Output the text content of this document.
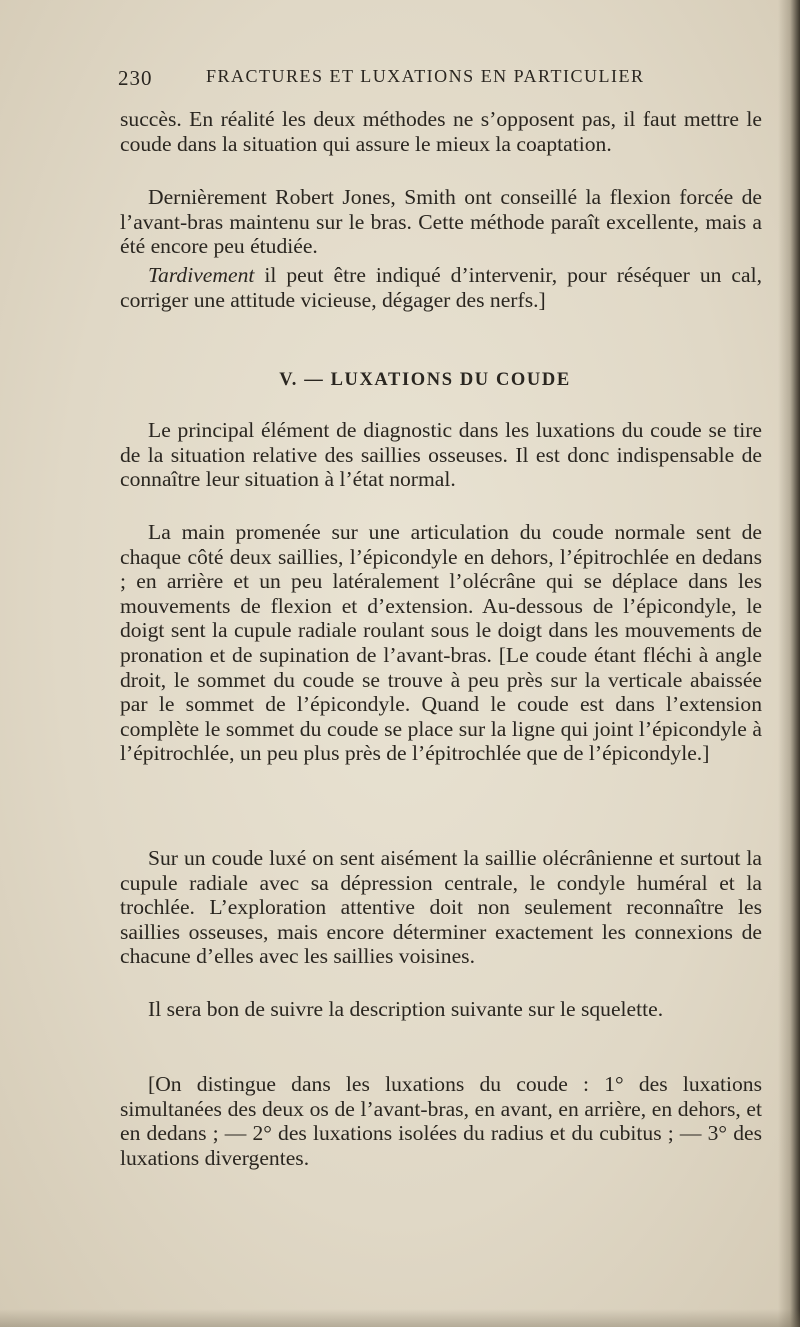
230	FRACTURES ET LUXATIONS EN PARTICULIER

succès. En réalité les deux méthodes ne s’opposent pas, il faut mettre le coude dans la situation qui assure le mieux la coaptation.

Dernièrement Robert Jones, Smith ont conseillé la flexion forcée de l’avant-bras maintenu sur le bras. Cette méthode paraît excellente, mais a été encore peu étudiée.

Tardivement il peut être indiqué d’intervenir, pour réséquer un cal, corriger une attitude vicieuse, dégager des nerfs.]

V. — LUXATIONS DU COUDE

Le principal élément de diagnostic dans les luxations du coude se tire de la situation relative des saillies osseuses. Il est donc indispensable de connaître leur situation à l’état normal.

La main promenée sur une articulation du coude normale sent de chaque côté deux saillies, l’épicondyle en dehors, l’épitrochlée en dedans ; en arrière et un peu latéralement l’olécrâne qui se déplace dans les mouvements de flexion et d’extension. Au-dessous de l’épicondyle, le doigt sent la cupule radiale roulant sous le doigt dans les mouvements de pronation et de supination de l’avant-bras. [Le coude étant fléchi à angle droit, le sommet du coude se trouve à peu près sur la verticale abaissée par le sommet de l’épicondyle. Quand le coude est dans l’extension complète le sommet du coude se place sur la ligne qui joint l’épicondyle à l’épitrochlée, un peu plus près de l’épitrochlée que de l’épicondyle.]

Sur un coude luxé on sent aisément la saillie olécrânienne et surtout la cupule radiale avec sa dépression centrale, le condyle huméral et la trochlée. L’exploration attentive doit non seulement reconnaître les saillies osseuses, mais encore déterminer exactement les connexions de chacune d’elles avec les saillies voisines.

Il sera bon de suivre la description suivante sur le squelette.

[On distingue dans les luxations du coude : 1° des luxations simultanées des deux os de l’avant-bras, en avant, en arrière, en dehors, et en dedans ; — 2° des luxations isolées du radius et du cubitus ; — 3° des luxations divergentes.
